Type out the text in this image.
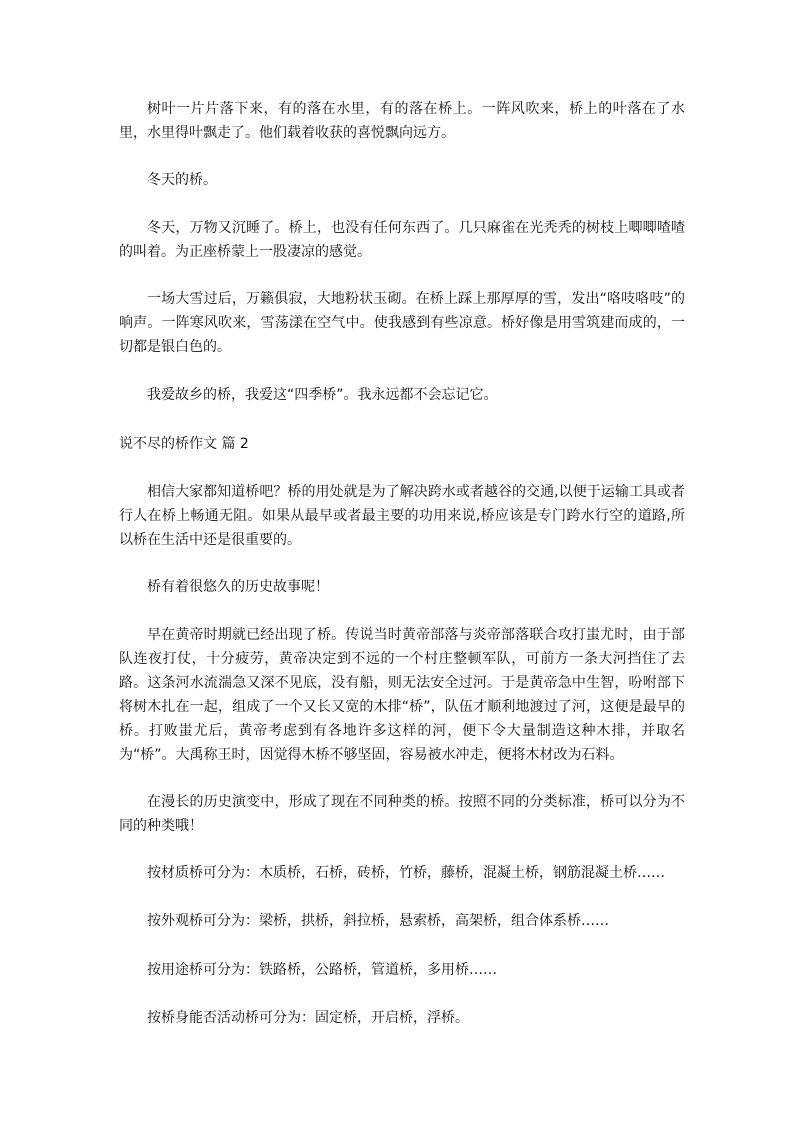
树叶一片片落下来，有的落在水里，有的落在桥上。一阵风吹来，桥上的叶落在了水里，水里得叶飘走了。他们载着收获的喜悦飘向远方。

冬天的桥。

冬天，万物又沉睡了。桥上，也没有任何东西了。几只麻雀在光秃秃的树枝上唧唧喳喳的叫着。为正座桥蒙上一股凄凉的感觉。

一场大雪过后，万籁俱寂，大地粉状玉砌。在桥上踩上那厚厚的雪，发出“咯吱咯吱”的响声。一阵寒风吹来，雪荡漾在空气中。使我感到有些凉意。桥好像是用雪筑建而成的，一切都是银白色的。

我爱故乡的桥，我爱这“四季桥”。我永远都不会忘记它。

说不尽的桥作文 篇 2

相信大家都知道桥吧？桥的用处就是为了解决跨水或者越谷的交通,以便于运输工具或者行人在桥上畅通无阻。如果从最早或者最主要的功用来说,桥应该是专门跨水行空的道路,所以桥在生活中还是很重要的。

桥有着很悠久的历史故事呢！

早在黄帝时期就已经出现了桥。传说当时黄帝部落与炎帝部落联合攻打蚩尤时，由于部队连夜打仗，十分疲劳，黄帝决定到不远的一个村庄整顿军队，可前方一条大河挡住了去路。这条河水流湍急又深不见底，没有船，则无法安全过河。于是黄帝急中生智，吩咐部下将树木扎在一起，组成了一个又长又宽的木排“桥”，队伍才顺利地渡过了河，这便是最早的桥。打败蚩尤后，黄帝考虑到有各地许多这样的河，便下令大量制造这种木排，并取名为“桥”。大禹称王时，因觉得木桥不够坚固，容易被水冲走，便将木材改为石料。

在漫长的历史演变中，形成了现在不同种类的桥。按照不同的分类标准，桥可以分为不同的种类哦！

按材质桥可分为：木质桥，石桥，砖桥，竹桥，藤桥，混凝土桥，钢筋混凝土桥……

按外观桥可分为：梁桥，拱桥，斜拉桥，悬索桥，高架桥，组合体系桥……

按用途桥可分为：铁路桥，公路桥，管道桥，多用桥……

按桥身能否活动桥可分为：固定桥，开启桥，浮桥。
